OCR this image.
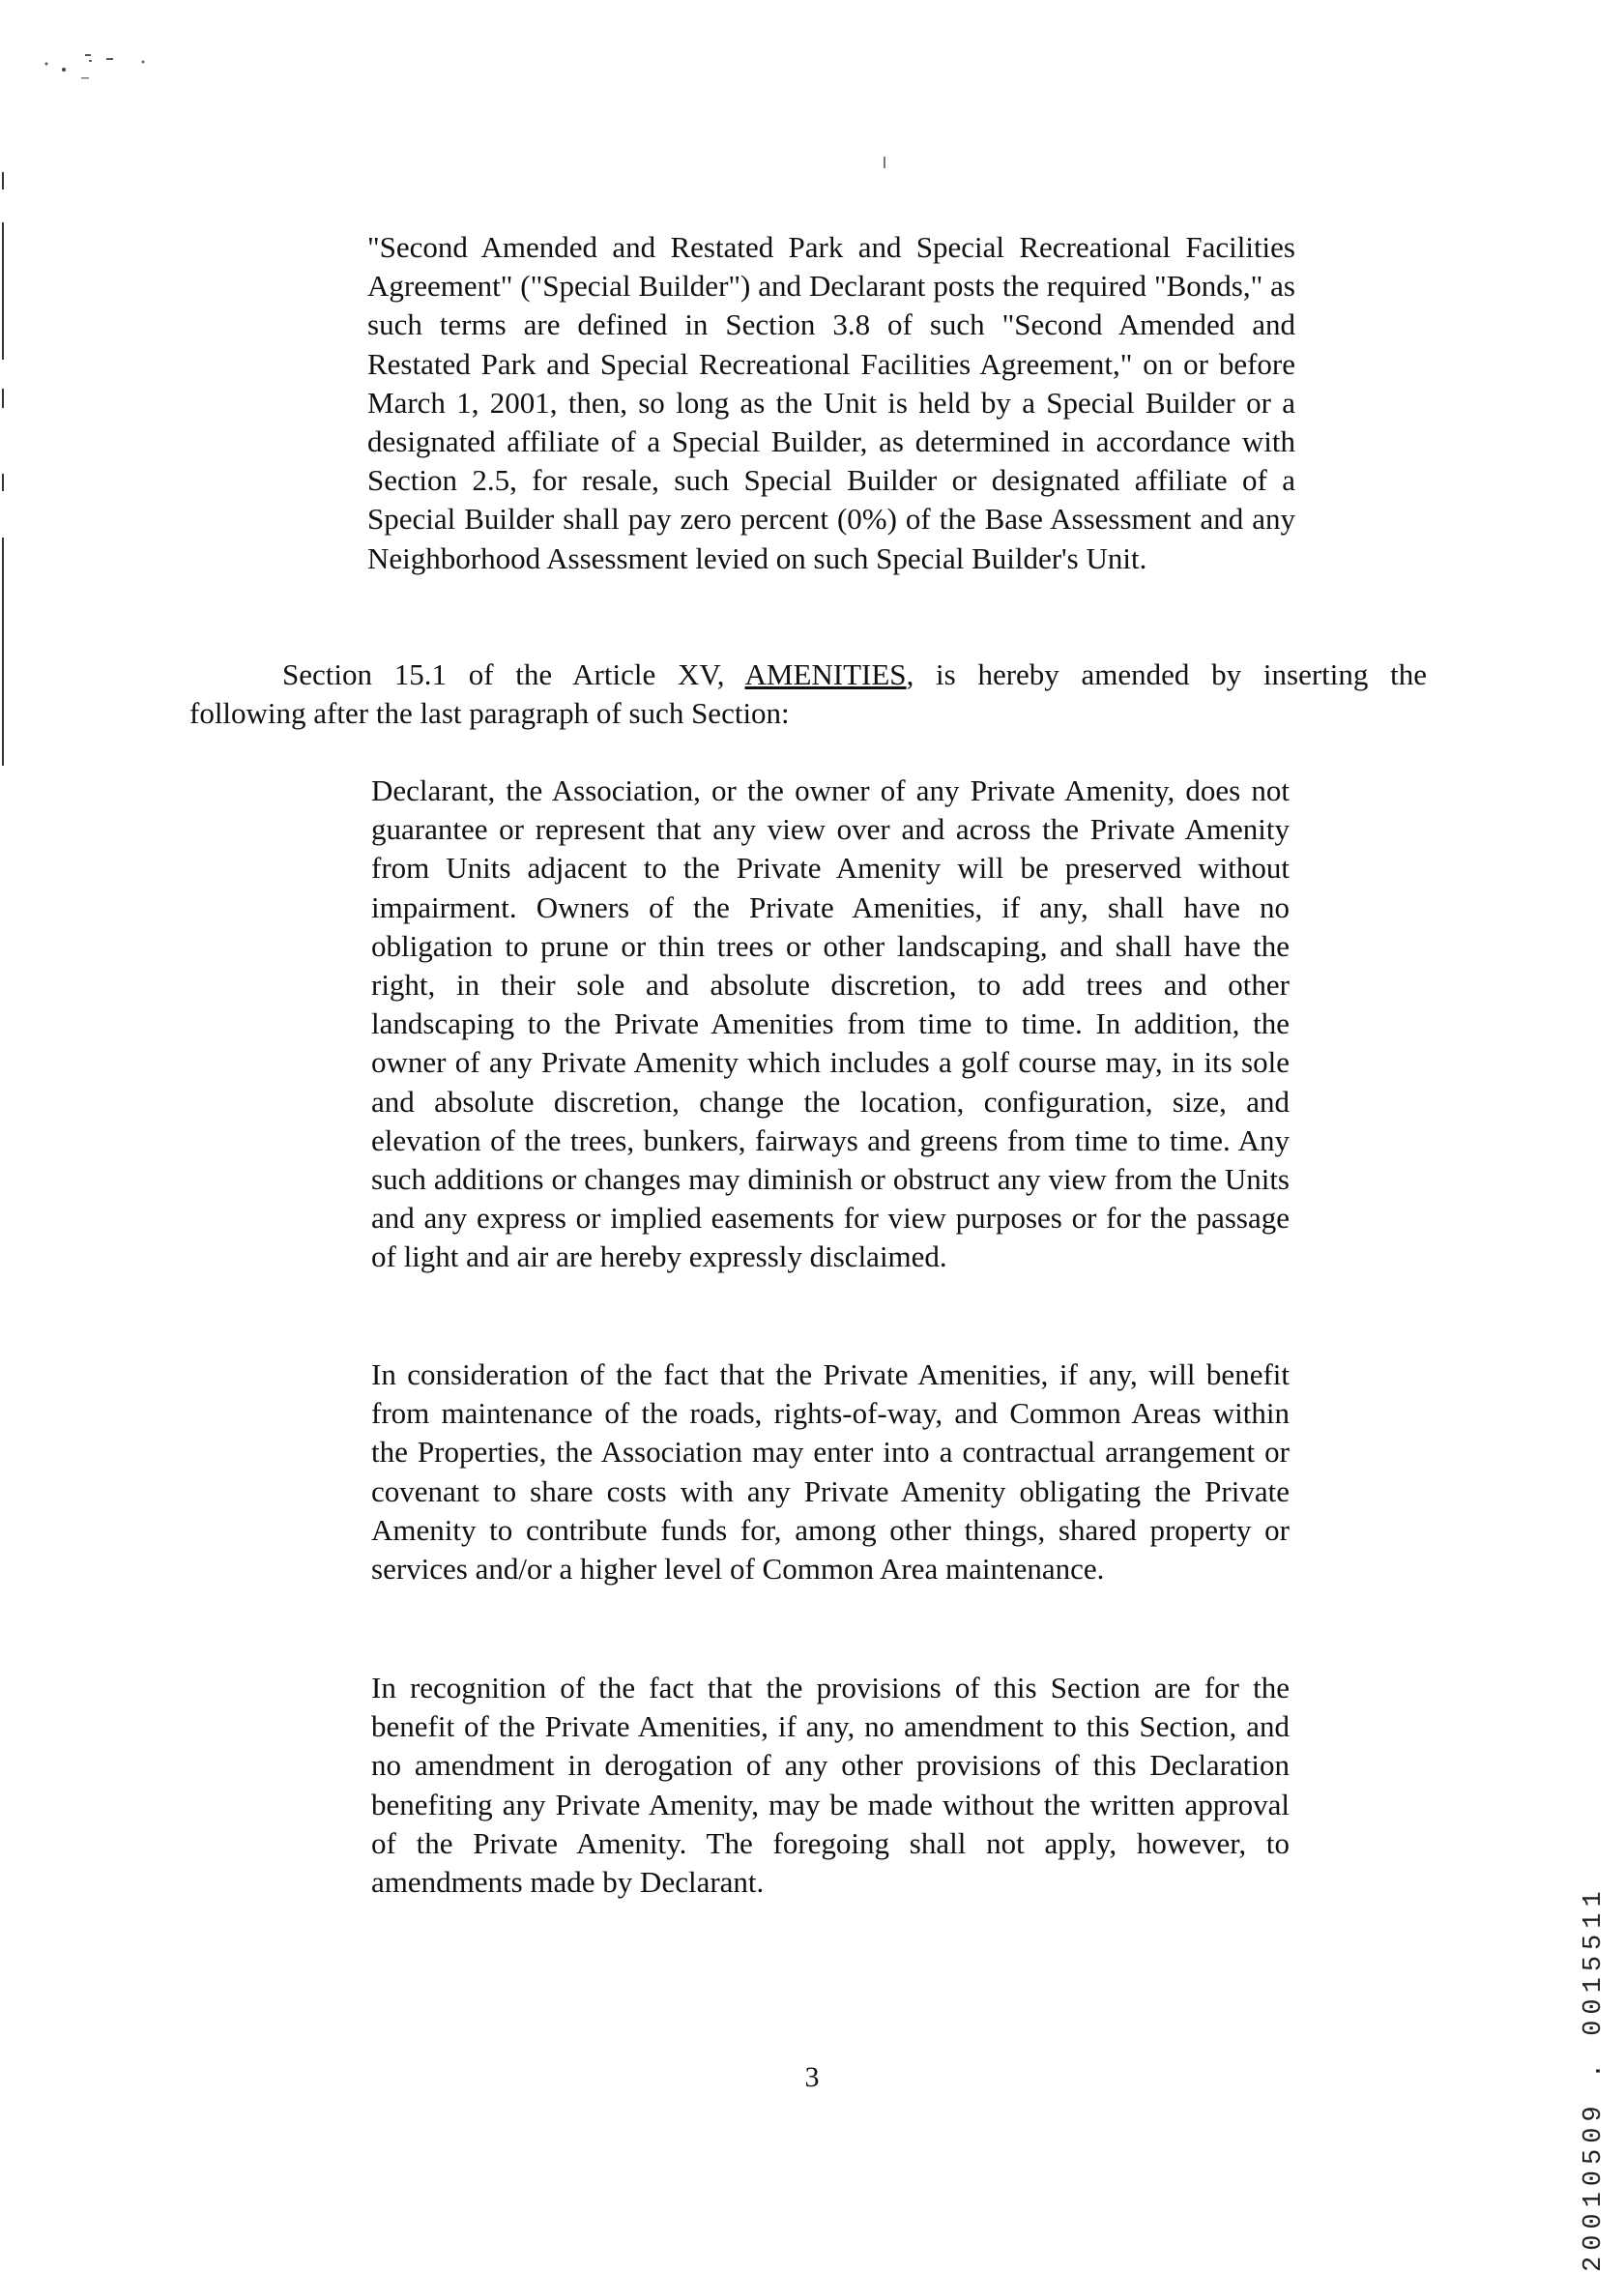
"Second Amended and Restated Park and Special Recreational Facilities Agreement" ("Special Builder") and Declarant posts the required "Bonds," as such terms are defined in Section 3.8 of such "Second Amended and Restated Park and Special Recreational Facilities Agreement," on or before March 1, 2001, then, so long as the Unit is held by a Special Builder or a designated affiliate of a Special Builder, as determined in accordance with Section 2.5, for resale, such Special Builder or designated affiliate of a Special Builder shall pay zero percent (0%) of the Base Assessment and any Neighborhood Assessment levied on such Special Builder's Unit.

Section 15.1 of the Article XV, AMENITIES, is hereby amended by inserting the
following after the last paragraph of such Section:

Declarant, the Association, or the owner of any Private Amenity, does not guarantee or represent that any view over and across the Private Amenity from Units adjacent to the Private Amenity will be preserved without impairment. Owners of the Private Amenities, if any, shall have no obligation to prune or thin trees or other landscaping, and shall have the right, in their sole and absolute discretion, to add trees and other landscaping to the Private Amenities from time to time. In addition, the owner of any Private Amenity which includes a golf course may, in its sole and absolute discretion, change the location, configuration, size, and elevation of the trees, bunkers, fairways and greens from time to time. Any such additions or changes may diminish or obstruct any view from the Units and any express or implied easements for view purposes or for the passage of light and air are hereby expressly disclaimed.

In consideration of the fact that the Private Amenities, if any, will benefit from maintenance of the roads, rights-of-way, and Common Areas within the Properties, the Association may enter into a contractual arrangement or covenant to share costs with any Private Amenity obligating the Private Amenity to contribute funds for, among other things, shared property or services and/or a higher level of Common Area maintenance.

In recognition of the fact that the provisions of this Section are for the benefit of the Private Amenities, if any, no amendment to this Section, and no amendment in derogation of any other provisions of this Declaration benefiting any Private Amenity, may be made without the written approval of the Private Amenity. The foregoing shall not apply, however, to amendments made by Declarant.

20010509 . 0015511
3
